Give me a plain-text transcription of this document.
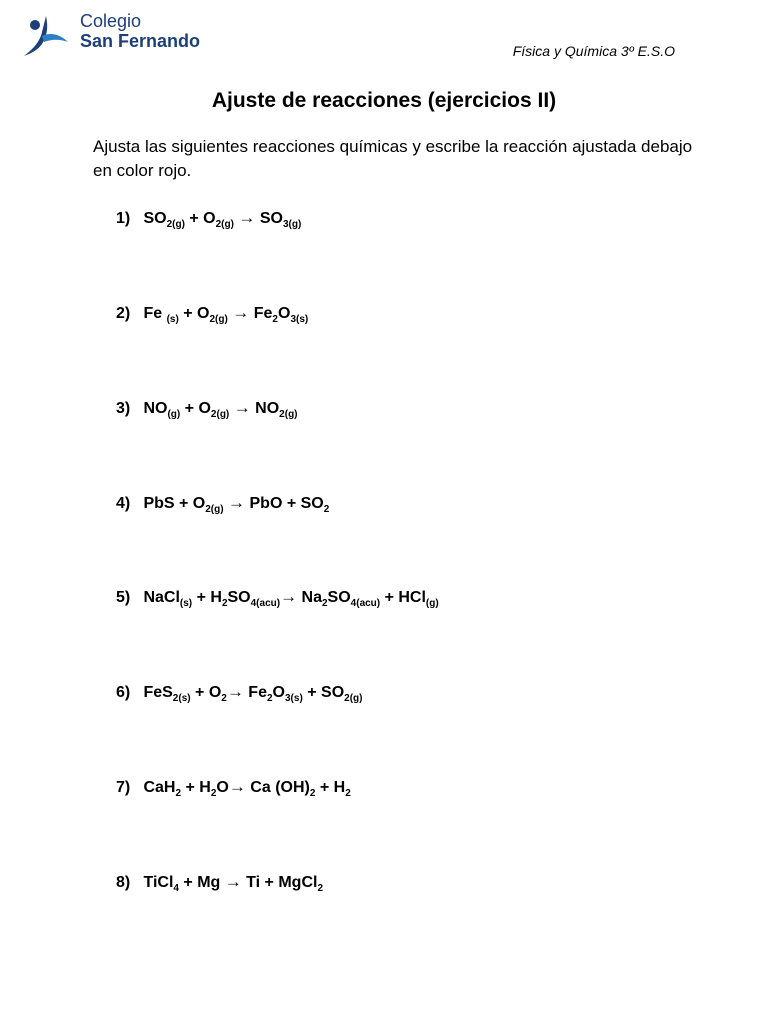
Colegio
San Fernando	Física y Química 3º E.S.O
Ajuste de reacciones (ejercicios II)
Ajusta las siguientes reacciones químicas y escribe la reacción ajustada debajo en color rojo.
1) $SO_{2(g)} + O_{2(g)} \to SO_{3(g)}$
2) Fe $_{(s)} + O_{2(g)} \to Fe_2O_{3(s)}$
3) $NO_{(g)} + O_{2(g)} \to NO_{2(g)}$
4) PbS + $O_{2(g)}$ → PbO + $SO_2$
5) NaCl$_{(s)}$ + $H_2SO_{4(acu)}\to Na_2SO_{4(acu)} + HCl_{(g)}$
6) $FeS_{2(s)} + O_2\to Fe_2O_{3(s)} + SO_{2(g)}$
7) $CaH_2 + H_2O\to Ca$ $(OH)_2 + H_2$
8) TiCl$_4$ + Mg → Ti + MgCl$_2$
